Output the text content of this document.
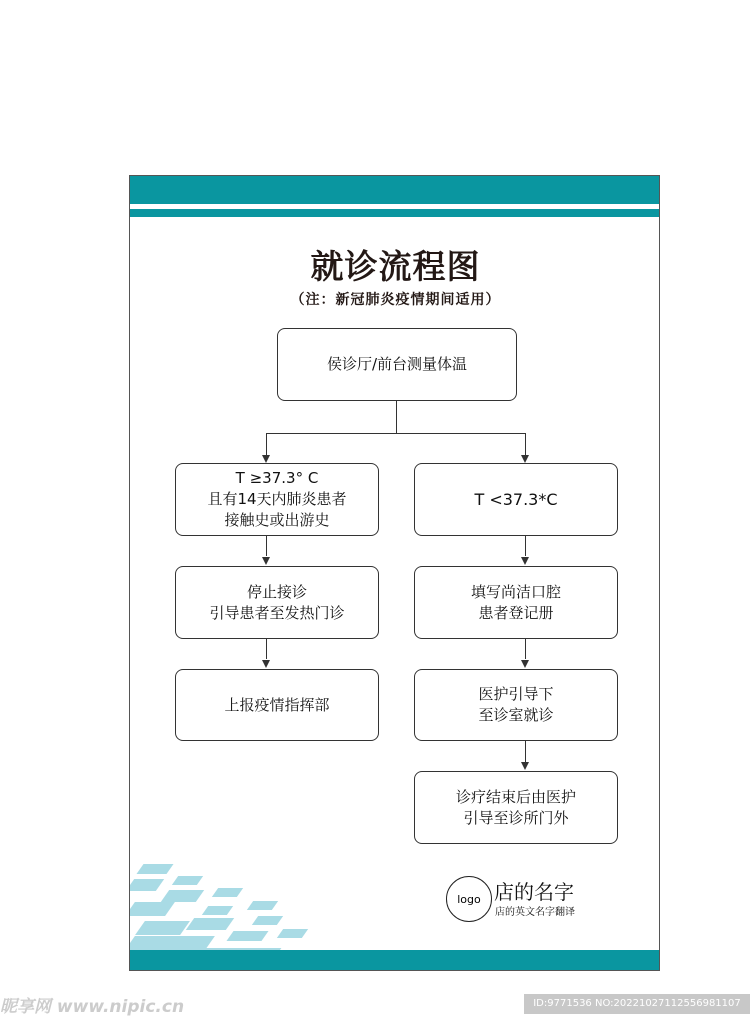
就诊流程图
（注：新冠肺炎疫情期间适用）
侯诊厅/前台测量体温
T ≥37.3° C
且有14天内肺炎患者
接触史或出游史
停止接诊
引导患者至发热门诊
上报疫情指挥部
T <37.3*C
填写尚洁口腔
患者登记册
医护引导下
至诊室就诊
诊疗结束后由医护
引导至诊所门外
logo 店的名字
店的英文名字翻译
昵享网 www.nipic.cn	ID:9771536 NO:20221027112556981107
